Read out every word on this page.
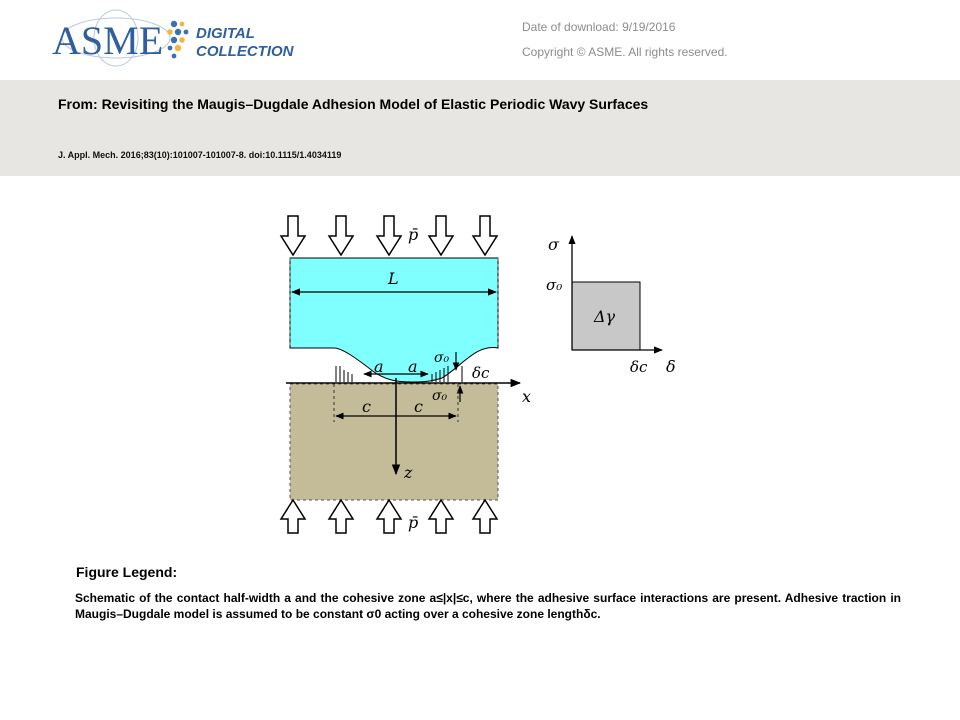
ASME DIGITAL
COLLECTION
Date of download: 9/19/2016
Copyright © ASME. All rights reserved.
From: Revisiting the Maugis–Dugdale Adhesion Model of Elastic Periodic Wavy Surfaces
J. Appl. Mech. 2016;83(10):101007-101007-8. doi:10.1115/1.4034119
p̄
L
x
a a σ₀
σ₀
δc
c	c
z
p̄
σ
σ₀
δc δ
Δγ
Figure Legend:
Schematic of the contact half-width a and the cohesive zone a≤|x|≤c, where the adhesive surface interactions are present. Adhesive traction in Maugis–Dugdale model is assumed to be constant σ0 acting over a cohesive zone lengthδc.
